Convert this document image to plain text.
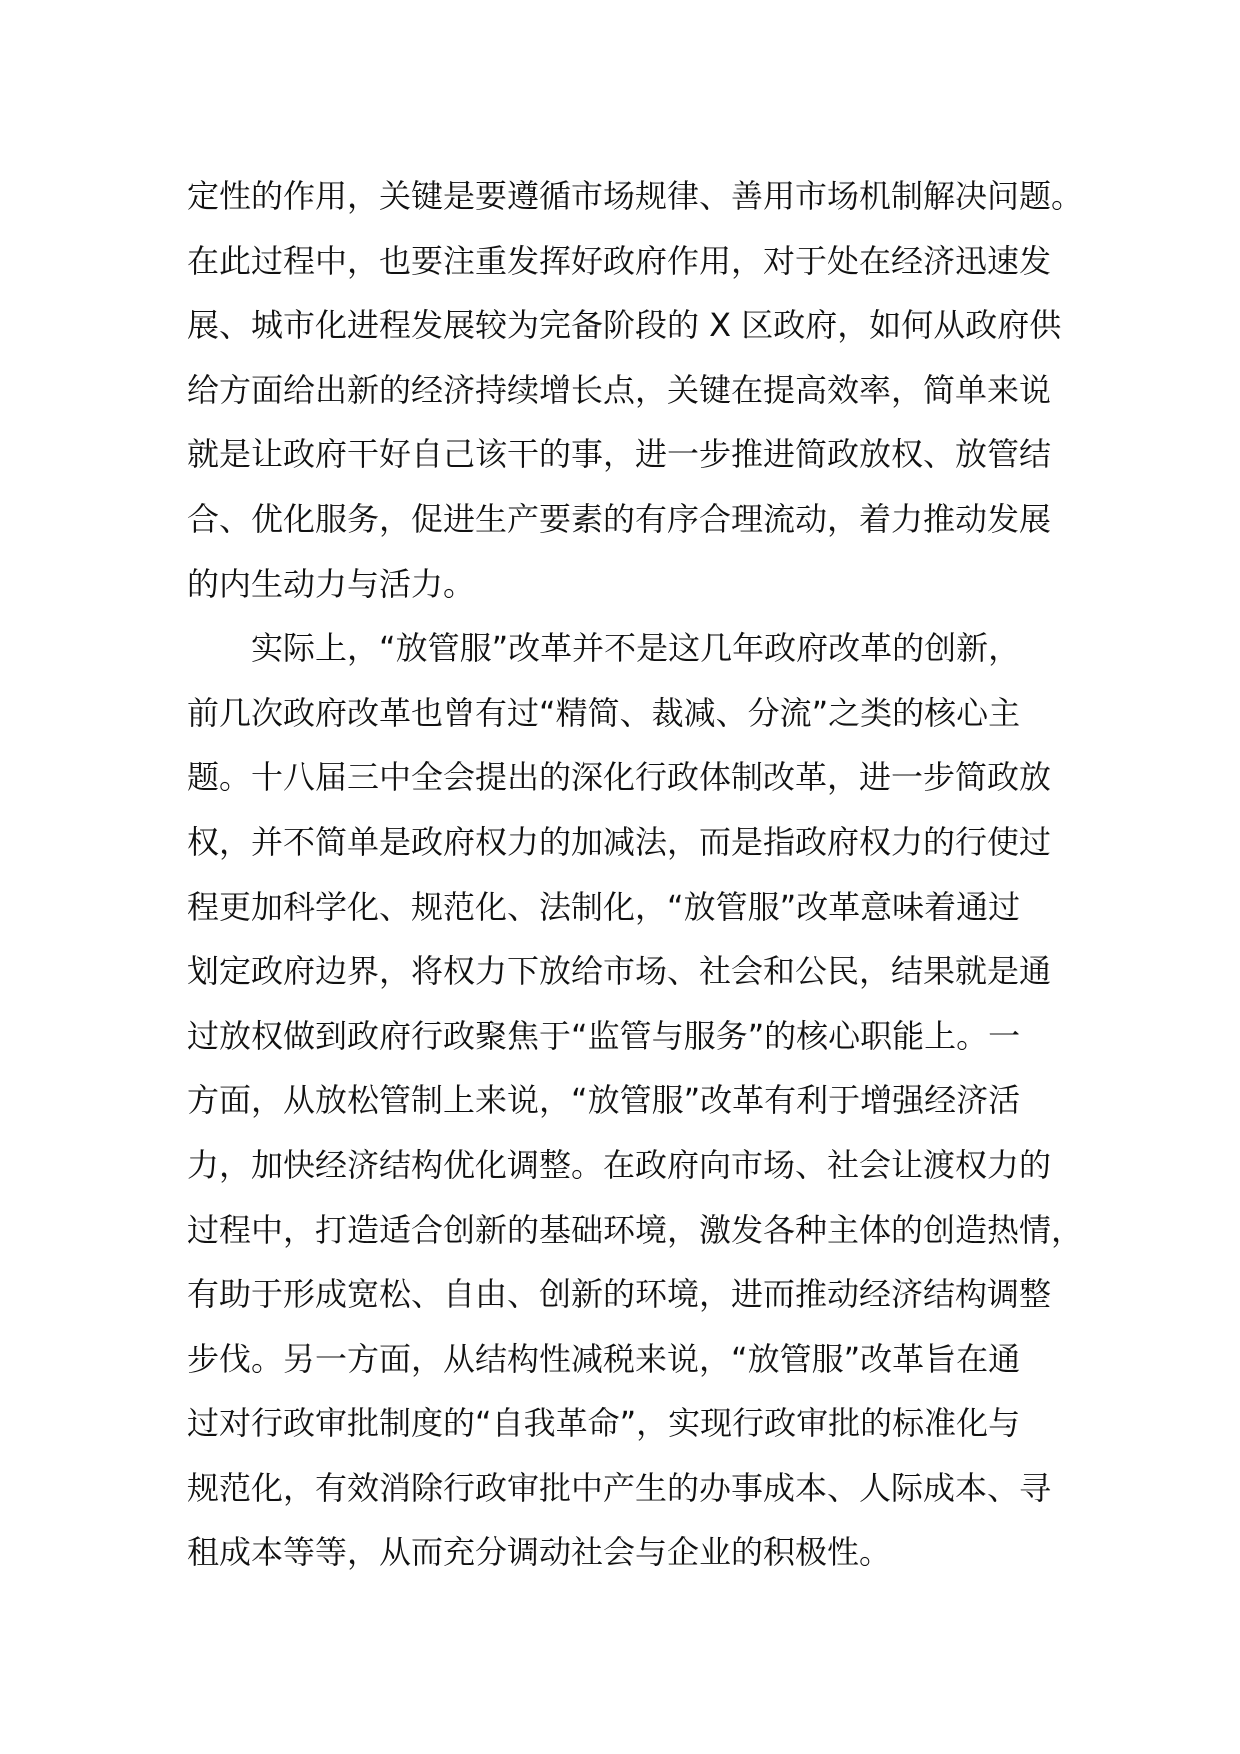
定性的作用，关键是要遵循市场规律、善用市场机制解决问题。
在此过程中，也要注重发挥好政府作用，对于处在经济迅速发
展、城市化进程发展较为完备阶段的 X 区政府，如何从政府供
给方面给出新的经济持续增长点，关键在提高效率，简单来说
就是让政府干好自己该干的事，进一步推进简政放权、放管结
合、优化服务，促进生产要素的有序合理流动，着力推动发展
的内生动力与活力。
　　实际上，“放管服”改革并不是这几年政府改革的创新，
前几次政府改革也曾有过“精简、裁减、分流”之类的核心主
题。十八届三中全会提出的深化行政体制改革，进一步简政放
权，并不简单是政府权力的加减法，而是指政府权力的行使过
程更加科学化、规范化、法制化，“放管服”改革意味着通过
划定政府边界，将权力下放给市场、社会和公民，结果就是通
过放权做到政府行政聚焦于“监管与服务”的核心职能上。一
方面，从放松管制上来说，“放管服”改革有利于增强经济活
力，加快经济结构优化调整。在政府向市场、社会让渡权力的
过程中，打造适合创新的基础环境，激发各种主体的创造热情，
有助于形成宽松、自由、创新的环境，进而推动经济结构调整
步伐。另一方面，从结构性减税来说，“放管服”改革旨在通
过对行政审批制度的“自我革命”，实现行政审批的标准化与
规范化，有效消除行政审批中产生的办事成本、人际成本、寻
租成本等等，从而充分调动社会与企业的积极性。
